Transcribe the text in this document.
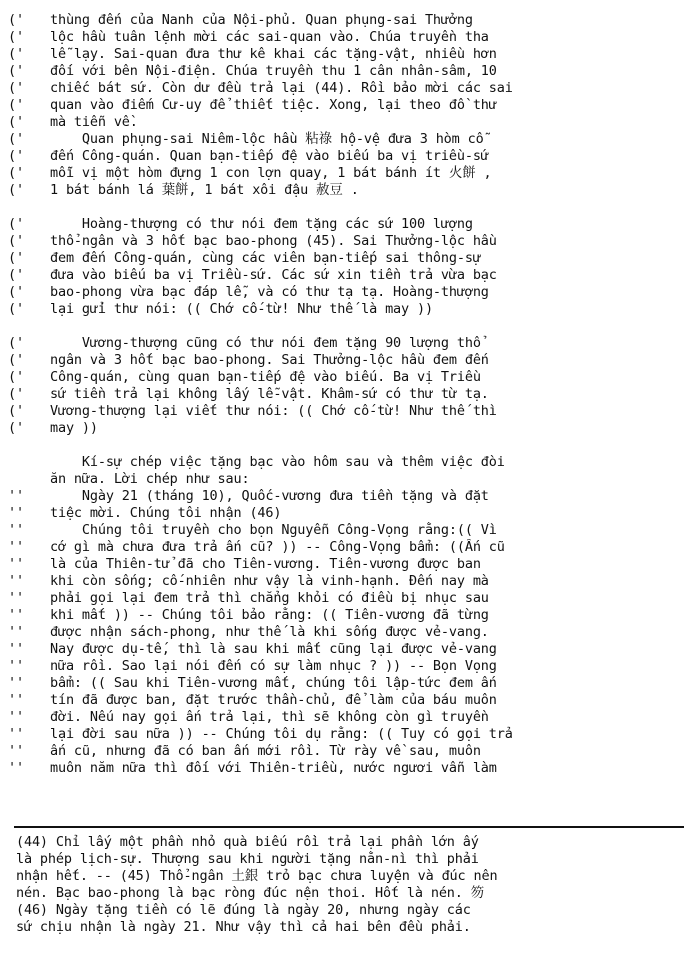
('	thùng đến của Nanh của Nội-phủ. Quan phụng-sai Thưởng
('	lộc hầu tuân lệnh mời các sai-quan vào. Chúa truyền tha
('	lễ lạy. Sai-quan đưa thư kê khai các tặng-vật, nhiều hơn
('	đối với bên Nội-điện. Chúa truyền thu 1 cân nhân-sâm, 10
('	chiếc bát sứ. Còn dư đều trả lại (44). Rồi bảo mời các sai
('	quan vào điếm Cư-uy để thiết tiệc. Xong, lại theo đồ thư
('	mà tiễn về.
('	Quan phụng-sai Niêm-lộc hầu 粘祿 hộ-vệ đưa 3 hòm cỗ
('	đến Công-quán. Quan bạn-tiếp đệ vào biếu ba vị triều-sứ
('	mỗi vị một hòm đựng 1 con lợn quay, 1 bát bánh ít 火餅 ,
('	1 bát bánh lá 葉餅, 1 bát xôi đậu 赦豆 .
('	Hoàng-thượng có thư nói đem tặng các sứ 100 lượng
('	thổ-ngân và 3 hốt bạc bao-phong (45). Sai Thưởng-lộc hầu
('	đem đến Công-quán, cùng các viên bạn-tiếp sai thông-sự
('	đưa vào biếu ba vị Triều-sứ. Các sứ xin tiền trả vừa bạc
('	bao-phong vừa bạc đáp lễ, và có thư tạ tạ. Hoàng-thượng
('	lại gửi thư nói: (( Chớ cố-từ! Như thế là may ))
('	Vương-thượng cũng có thư nói đem tặng 90 lượng thổ
('	ngân và 3 hốt bạc bao-phong. Sai Thưởng-lộc hầu đem đến
('	Công-quán, cùng quan bạn-tiếp đệ vào biếu. Ba vị Triều
('	sứ tiền trả lại không lấy lễ-vật. Khâm-sứ có thư từ tạ.
('	Vương-thượng lại viết thư nói: (( Chớ cố-từ! Như thế thì
('	may ))
Kí-sự chép việc tặng bạc vào hôm sau và thêm việc đòi
ăn nữa. Lời chép như sau:
''	Ngày 21 (tháng 10), Quốc-vương đưa tiền tặng và đặt
''	tiệc mời. Chúng tôi nhận (46)
''	Chúng tôi truyền cho bọn Nguyễn Công-Vọng rằng:(( Vì
''	cớ gì mà chưa đưa trả ấn cũ? )) -- Công-Vọng bẩm: ((Ấn cũ
''	là của Thiên-tử đã cho Tiên-vương. Tiên-vương được ban
''	khi còn sống; cố-nhiên như vậy là vinh-hạnh. Đến nay mà
''	phải gọi lại đem trả thì chẳng khỏi có điều bị nhục sau
''	khi mất )) -- Chúng tôi bảo rằng: (( Tiên-vương đã từng
''	được nhận sách-phong, như thế là khi sống được vẻ-vang.
''	Nay được dụ-tế, thì là sau khi mất cũng lại được vẻ-vang
''	nữa rồi. Sao lại nói đến có sự làm nhục ? )) -- Bọn Vọng
''	bẩm: (( Sau khi Tiên-vương mất, chúng tôi lập-tức đem ấn
''	tín đã được ban, đặt trước thần-chủ, để làm của báu muôn
''	đời. Nếu nay gọi ấn trả lại, thì sẽ không còn gì truyền
''	lại đời sau nữa )) -- Chúng tôi dụ rằng: (( Tuy có gọi trả
''	ấn cũ, nhưng đã có ban ấn mới rồi. Từ rày về sau, muôn
''	muôn năm nữa thì đối với Thiên-triều, nước ngươi vẫn làm
(44) Chỉ lấy một phần nhỏ quà biếu rồi trả lại phần lớn ấy
là phép lịch-sự. Thượng sau khi người tặng nằn-nì thì phải
nhận hết. -- (45) Thổ-ngân 土銀 trỏ bạc chưa luyện và đúc nên
nén. Bạc bao-phong là bạc ròng đúc nện thoi. Hốt là nén. 笏
(46) Ngày tặng tiền có lẽ đúng là ngày 20, nhưng ngày các
sứ chịu nhận là ngày 21. Như vậy thì cả hai bên đều phải.
